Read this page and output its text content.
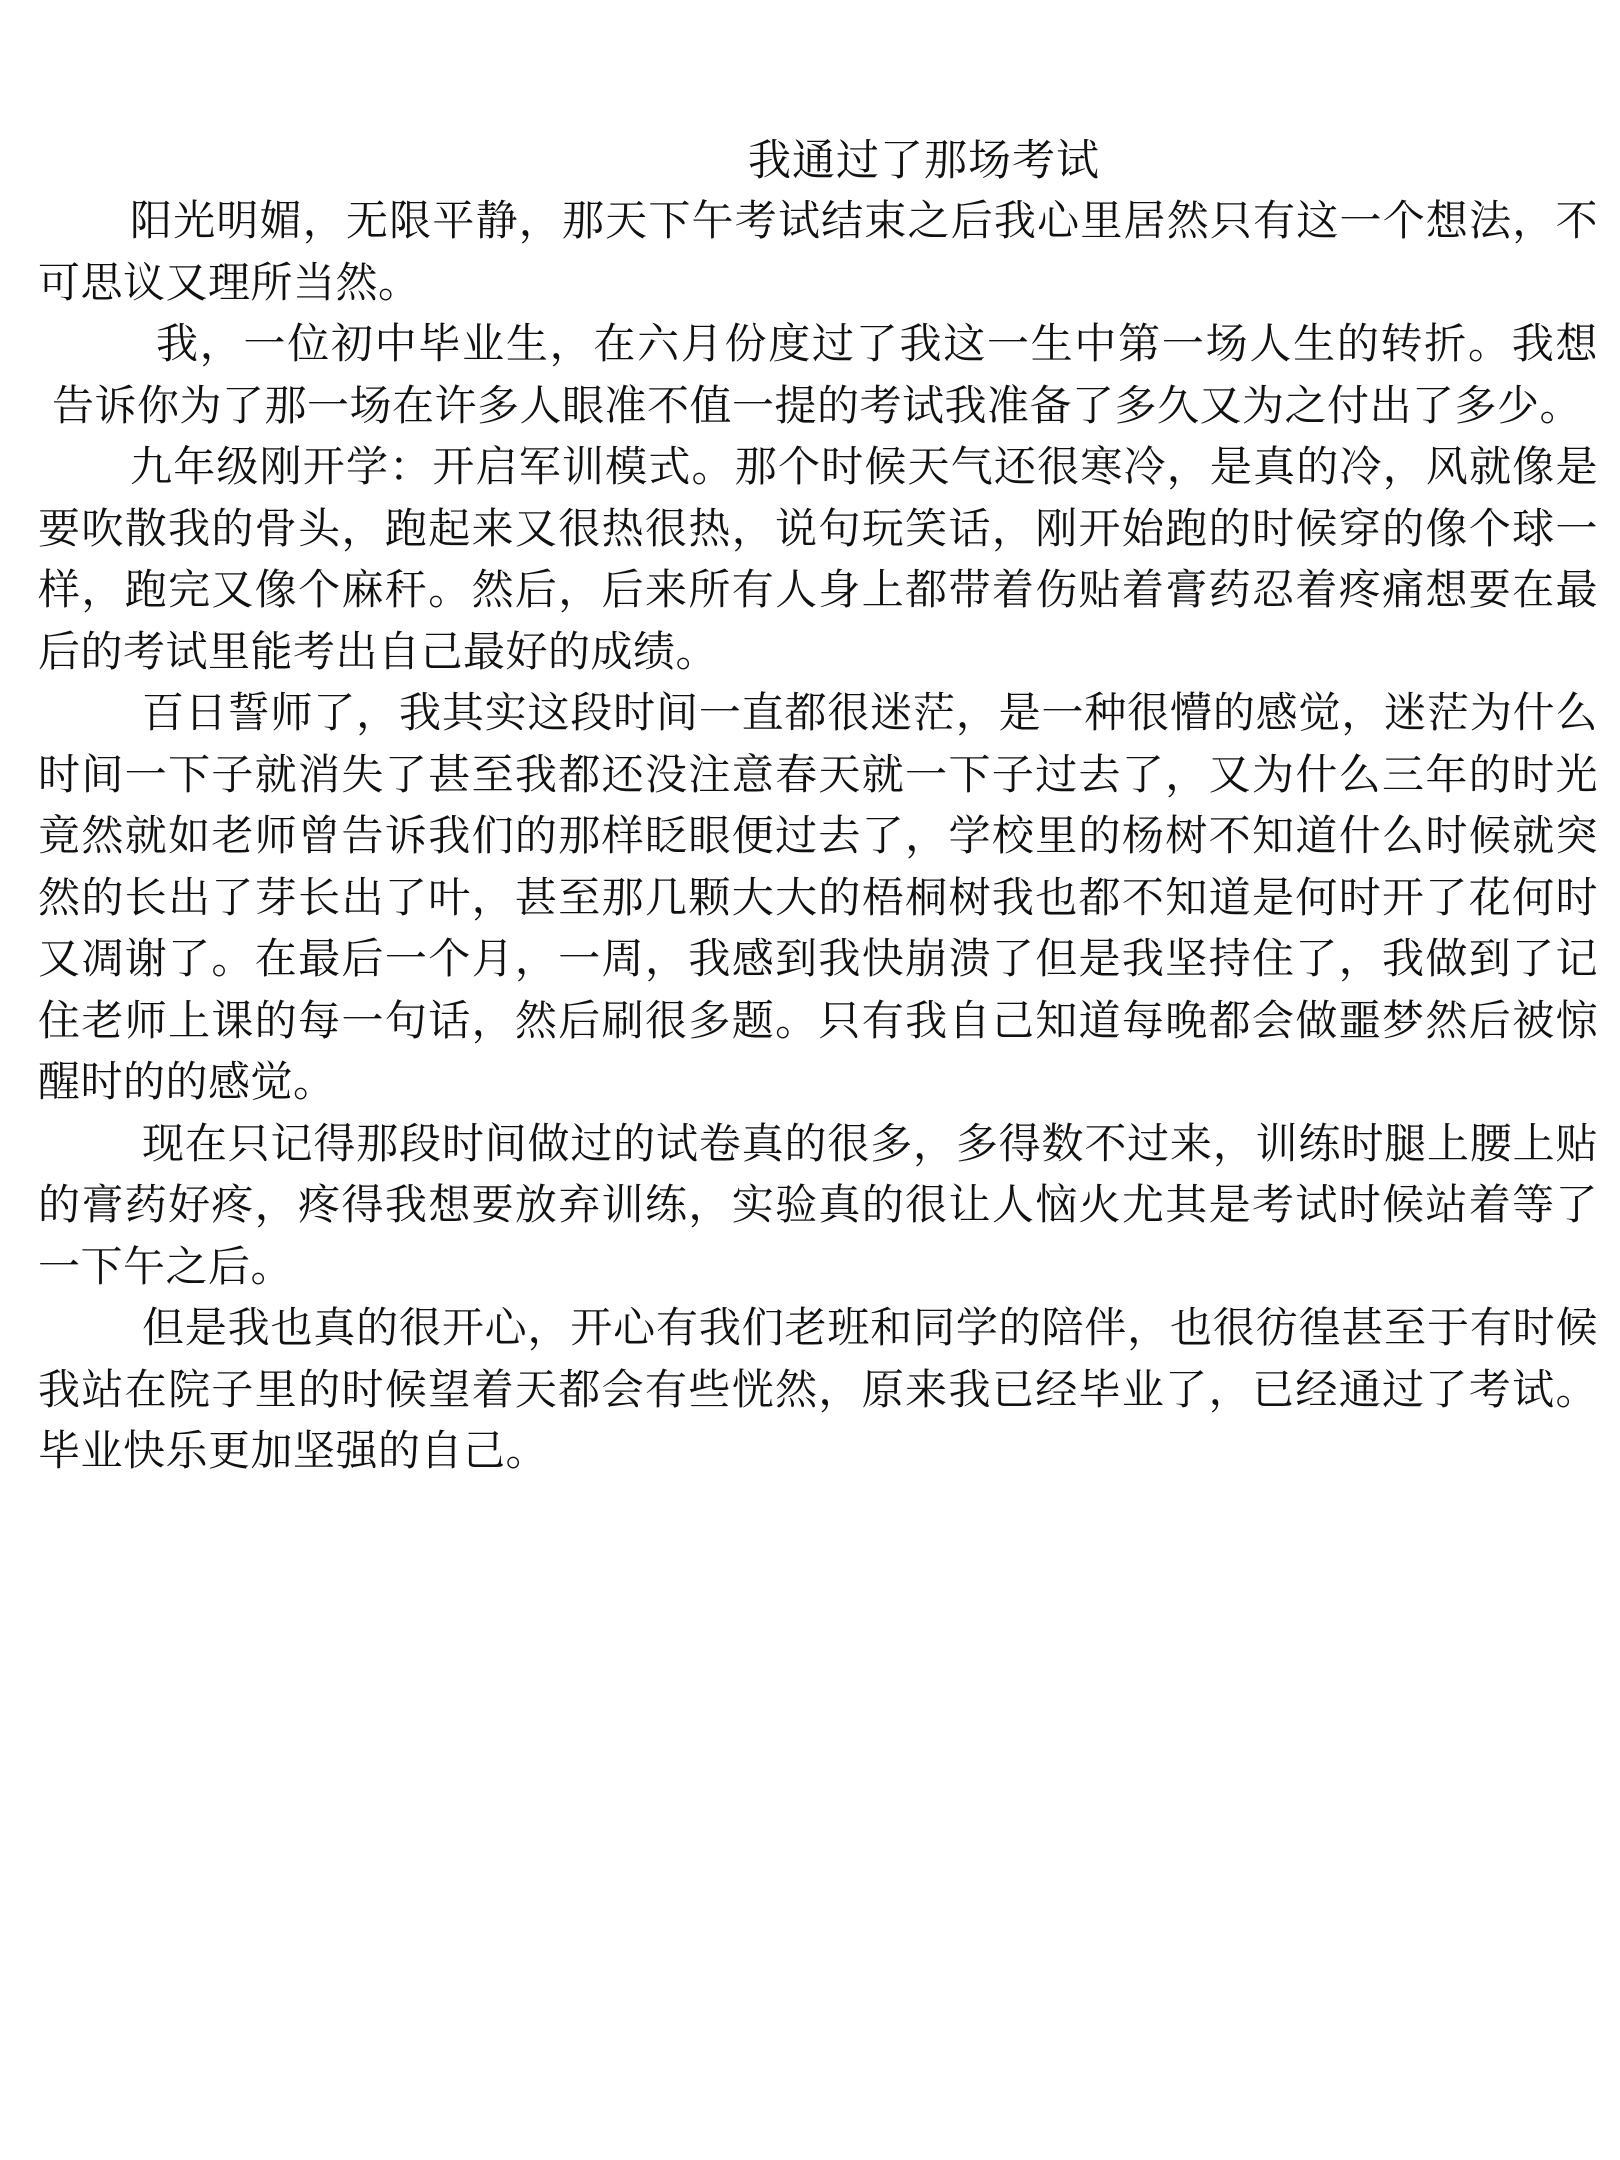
我通过了那场考试

阳光明媚，无限平静，那天下午考试结束之后我心里居然只有这一个想法，不可思议又理所当然。

我，一位初中毕业生，在六月份度过了我这一生中第一场人生的转折。我想告诉你为了那一场在许多人眼准不值一提的考试我准备了多久又为之付出了多少。

九年级刚开学：开启军训模式。那个时候天气还很寒冷，是真的冷，风就像是要吹散我的骨头，跑起来又很热很热，说句玩笑话，刚开始跑的时候穿的像个球一样，跑完又像个麻秆。然后，后来所有人身上都带着伤贴着膏药忍着疼痛想要在最后的考试里能考出自己最好的成绩。

百日誓师了，我其实这段时间一直都很迷茫，是一种很懵的感觉，迷茫为什么时间一下子就消失了甚至我都还没注意春天就一下子过去了，又为什么三年的时光竟然就如老师曾告诉我们的那样眨眼便过去了，学校里的杨树不知道什么时候就突然的长出了芽长出了叶，甚至那几颗大大的梧桐树我也都不知道是何时开了花何时又凋谢了。在最后一个月，一周，我感到我快崩溃了但是我坚持住了，我做到了记住老师上课的每一句话，然后刷很多题。只有我自己知道每晚都会做噩梦然后被惊醒时的的感觉。

现在只记得那段时间做过的试卷真的很多，多得数不过来，训练时腿上腰上贴的膏药好疼，疼得我想要放弃训练，实验真的很让人恼火尤其是考试时候站着等了一下午之后。

但是我也真的很开心，开心有我们老班和同学的陪伴，也很彷徨甚至于有时候我站在院子里的时候望着天都会有些恍然，原来我已经毕业了，已经通过了考试。毕业快乐更加坚强的自己。
